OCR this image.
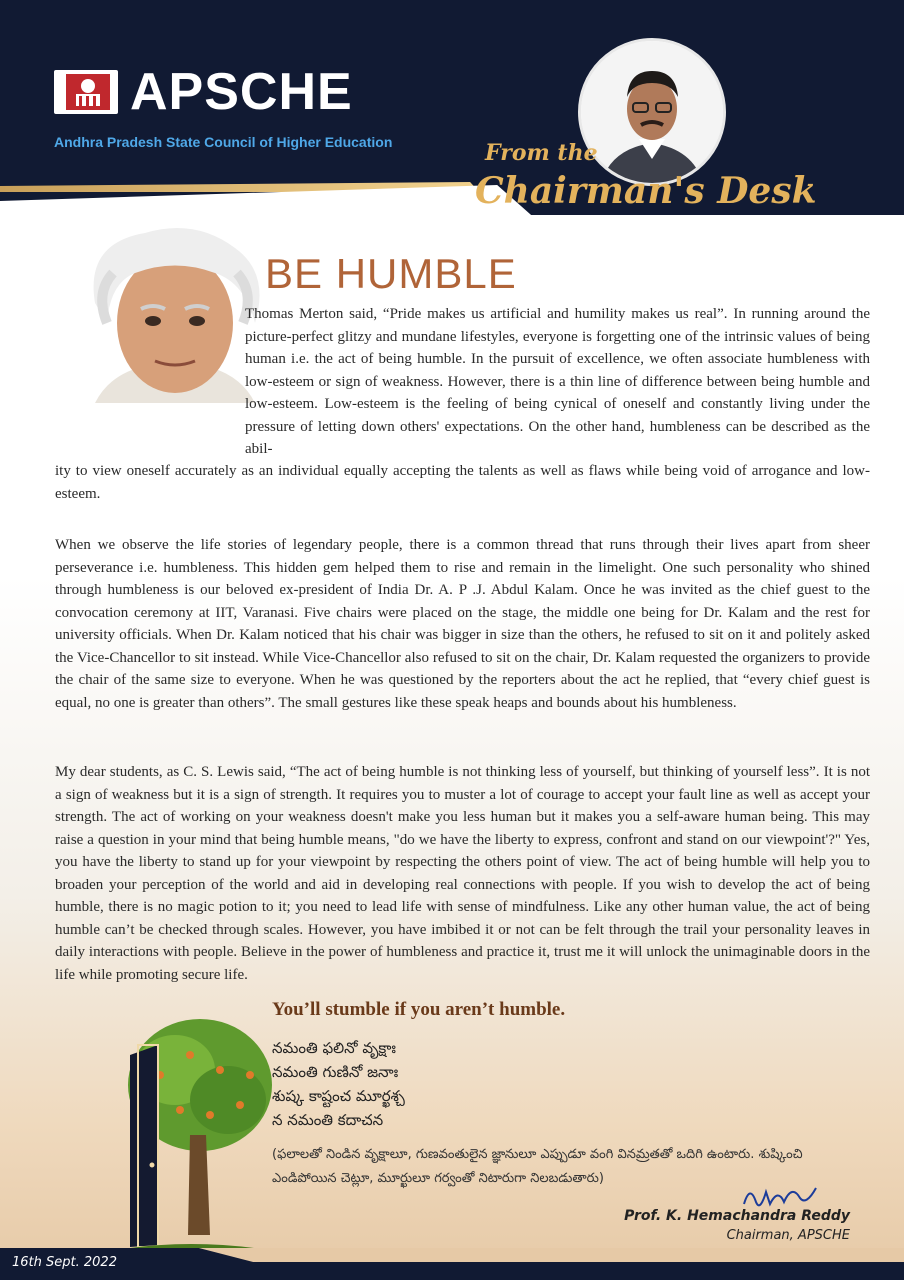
APSCHE
Andhra Pradesh State Council of Higher Education	From the
Chairman's Desk
BE HUMBLE
Thomas Merton said, “Pride makes us artificial and humility makes us real”. In running around the picture-perfect glitzy and mundane lifestyles, everyone is forgetting one of the intrinsic values of being human i.e. the act of being humble. In the pursuit of excellence, we often associate humbleness with low-esteem or sign of weakness. However, there is a thin line of difference between being humble and low-esteem. Low-esteem is the feeling of being cynical of oneself and constantly living under the pressure of letting down others' expectations. On the other hand, humbleness can be described as the abil-
ity to view oneself accurately as an individual equally accepting the talents as well as flaws while being void of arrogance and low-esteem.
When we observe the life stories of legendary people, there is a common thread that runs through their lives apart from sheer perseverance i.e. humbleness. This hidden gem helped them to rise and remain in the limelight. One such personality who shined through humbleness is our beloved ex-president of India Dr. A. P .J. Abdul Kalam. Once he was invited as the chief guest to the convocation ceremony at IIT, Varanasi. Five chairs were placed on the stage, the middle one being for Dr. Kalam and the rest for university officials. When Dr. Kalam noticed that his chair was bigger in size than the others, he refused to sit on it and politely asked the Vice-Chancellor to sit instead. While Vice-Chancellor also refused to sit on the chair, Dr. Kalam requested the organizers to provide the chair of the same size to everyone. When he was questioned by the reporters about the act he replied, that “every chief guest is equal, no one is greater than others”. The small gestures like these speak heaps and bounds about his humbleness.
My dear students, as C. S. Lewis said, “The act of being humble is not thinking less of yourself, but thinking of yourself less”. It is not a sign of weakness but it is a sign of strength. It requires you to muster a lot of courage to accept your fault line as well as accept your strength. The act of working on your weakness doesn't make you less human but it makes you a self-aware human being. This may raise a question in your mind that being humble means, "do we have the liberty to express, confront and stand on our viewpoint'?" Yes, you have the liberty to stand up for your viewpoint by respecting the others point of view. The act of being humble will help you to broaden your perception of the world and aid in developing real connections with people. If you wish to develop the act of being humble, there is no magic potion to it; you need to lead life with sense of mindfulness. Like any other human value, the act of being humble can’t be checked through scales. However, you have imbibed it or not can be felt through the trail your personality leaves in daily interactions with people. Believe in the power of humbleness and practice it, trust me it will unlock the unimaginable doors in the life while promoting secure life.
You’ll stumble if you aren’t humble.
నమంతి ఫలినో వృక్షాః
నమంతి గుణినో జనాః
శుష్క కాష్టంచ మూర్ఖశ్చ
న నమంతి కదాచన
(ఫలాలతో నిండిన వృక్షాలూ, గుణవంతులైన జ్ఞానులూ ఎప్పుడూ వంగి వినమ్రతతో ఒదిగి ఉంటారు. శుష్కించి ఎండిపోయిన చెట్లూ, మూర్ఖులూ గర్వంతో నిటారుగా నిలబడుతారు)
Prof. K. Hemachandra Reddy
Chairman, APSCHE
16th Sept. 2022
